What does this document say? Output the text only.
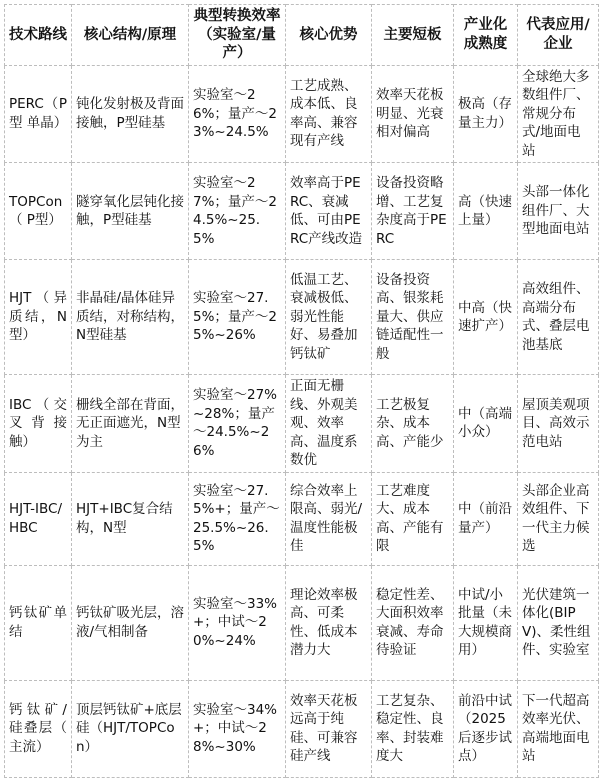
技术路线	核心结构/原理	典型转换效率（实验室/量产）	核心优势	主要短板	产业化成熟度	代表应用/企业
PERC（P型 单晶）	钝化发射极及背面接触，P型硅基	实验室～26%；量产～23%~24.5%	工艺成熟、成本低、良率高、兼容现有产线	效率天花板明显、光衰相对偏高	极高（存量主力）	全球绝大多数组件厂、常规分布式/地面电站
TOPCon（ P型）	隧穿氧化层钝化接触，P型硅基	实验室～27%；量产～24.5%~25.5%	效率高于PERC、衰减低、可由PERC产线改造	设备投资略增、工艺复杂度高于PERC	高（快速上量）	头部一体化组件厂、大型地面电站
HJT（异质结，N型）	非晶硅/晶体硅异质结，对称结构，N型硅基	实验室～27.5%；量产～25%~26%	低温工艺、衰减极低、弱光性能好、易叠加钙钛矿	设备投资高、银浆耗量大、供应链适配性一般	中高（快速扩产）	高效组件、高端分布式、叠层电池基底
IBC（交叉背接触）	栅线全部在背面，无正面遮光，N型为主	实验室～27%~28%；量产～24.5%~26%	正面无栅线、外观美观、效率高、温度系数优	工艺极复杂、成本高、产能少	中（高端小众）	屋顶美观项目、高效示范电站
HJT-IBC/HBC	HJT+IBC复合结构，N型	实验室～27.5%+；量产～25.5%~26.5%	综合效率上限高、弱光/温度性能极佳	工艺难度大、成本高、产能有限	中（前沿量产）	头部企业高效组件、下一代主力候选
钙钛矿单结	钙钛矿吸光层，溶液/气相制备	实验室～33%+；中试～20%~24%	理论效率极高、可柔性、低成本潜力大	稳定性差、大面积效率衰减、寿命待验证	中试/小批量（未大规模商用）	光伏建筑一体化(BIPV)、柔性组件、实验室
钙钛矿/硅叠层（ 主流）	顶层钙钛矿+底层硅（HJT/TOPCon）	实验室～34%+；中试～28%~30%	效率天花板远高于纯硅、可兼容硅产线	工艺复杂、稳定性、良率、封装难度大	前沿中试（2025后逐步试点）	下一代超高效率光伏、高端地面电站
